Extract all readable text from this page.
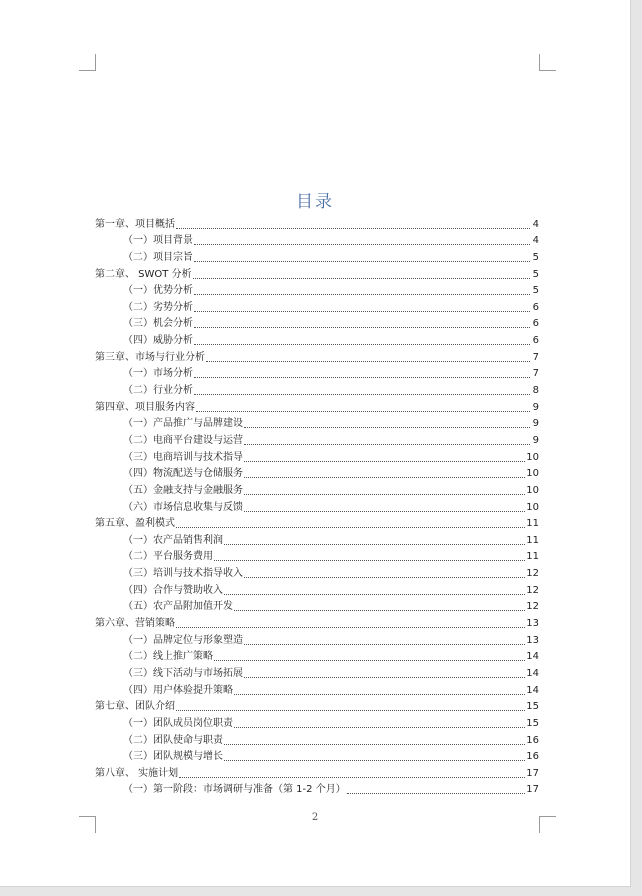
目录
第一章、项目概括	4
（一）项目背景	4
（二）项目宗旨	5
第二章、 SWOT 分析	5
（一）优势分析	5
（二）劣势分析	6
（三）机会分析	6
（四）威胁分析	6
第三章、市场与行业分析	7
（一）市场分析	7
（二）行业分析	8
第四章、项目服务内容	9
（一）产品推广与品牌建设	9
（二）电商平台建设与运营	9
（三）电商培训与技术指导	10
（四）物流配送与仓储服务	10
（五）金融支持与金融服务	10
（六）市场信息收集与反馈	10
第五章、盈利模式	11
（一）农产品销售利润	11
（二）平台服务费用	11
（三）培训与技术指导收入	12
（四）合作与赞助收入	12
（五）农产品附加值开发	12
第六章、营销策略	13
（一）品牌定位与形象塑造	13
（二）线上推广策略	14
（三）线下活动与市场拓展	14
（四）用户体验提升策略	14
第七章、团队介绍	15
（一）团队成员岗位职责	15
（二）团队使命与职责	16
（三）团队规模与增长	16
第八章、 实施计划	17
（一）第一阶段：市场调研与准备（第 1-2 个月）	17
2
